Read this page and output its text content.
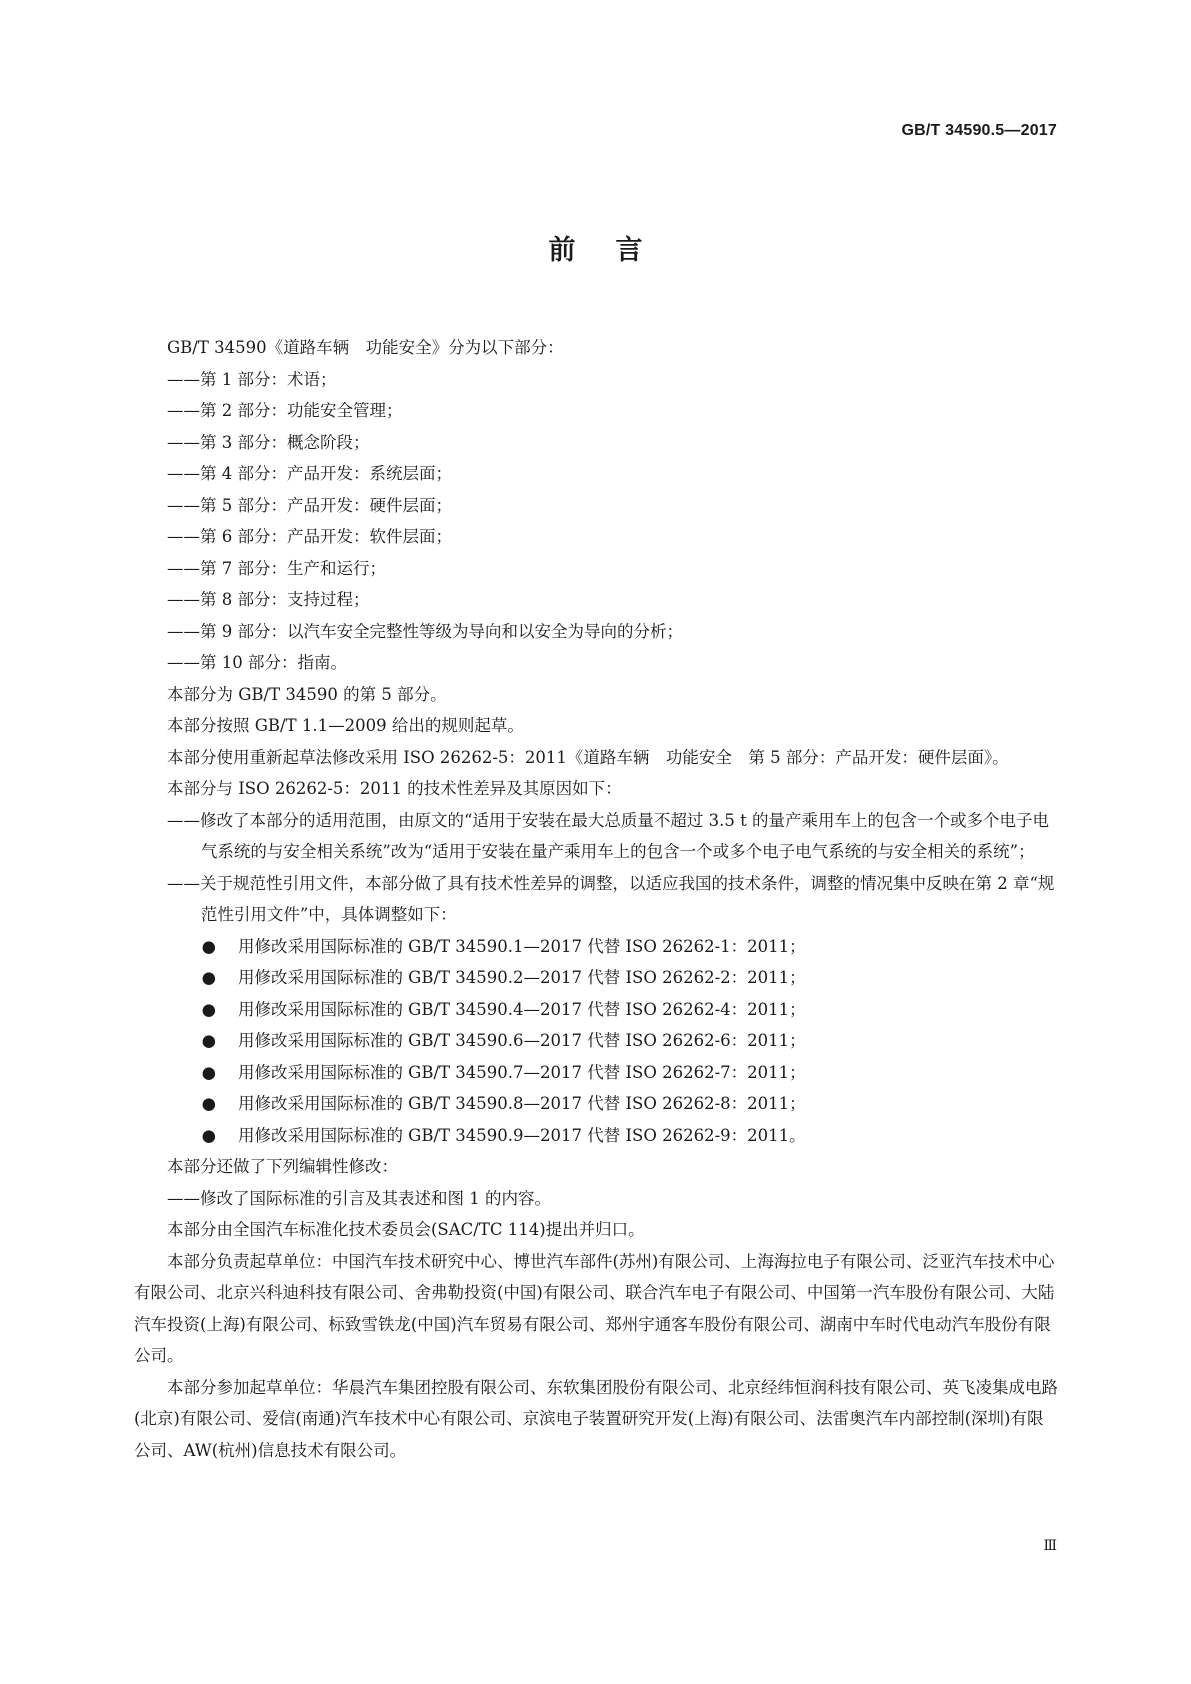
GB/T 34590.5—2017
前言

GB/T 34590《道路车辆　功能安全》分为以下部分：

——第 1 部分：术语；

——第 2 部分：功能安全管理；

——第 3 部分：概念阶段；

——第 4 部分：产品开发：系统层面；

——第 5 部分：产品开发：硬件层面；

——第 6 部分：产品开发：软件层面；

——第 7 部分：生产和运行；

——第 8 部分：支持过程；

——第 9 部分：以汽车安全完整性等级为导向和以安全为导向的分析；

——第 10 部分：指南。

本部分为 GB/T 34590 的第 5 部分。

本部分按照 GB/T 1.1—2009 给出的规则起草。

本部分使用重新起草法修改采用 ISO 26262-5：2011《道路车辆　功能安全　第 5 部分：产品开发：硬件层面》。

本部分与 ISO 26262-5：2011 的技术性差异及其原因如下：

——修改了本部分的适用范围，由原文的“适用于安装在最大总质量不超过 3.5 t 的量产乘用车上的包含一个或多个电子电气系统的与安全相关系统”改为“适用于安装在量产乘用车上的包含一个或多个电子电气系统的与安全相关的系统”；

——关于规范性引用文件，本部分做了具有技术性差异的调整，以适应我国的技术条件，调整的情况集中反映在第 2 章“规范性引用文件”中，具体调整如下：

● 用修改采用国际标准的 GB/T 34590.1—2017 代替 ISO 26262-1：2011；

● 用修改采用国际标准的 GB/T 34590.2—2017 代替 ISO 26262-2：2011；

● 用修改采用国际标准的 GB/T 34590.4—2017 代替 ISO 26262-4：2011；

● 用修改采用国际标准的 GB/T 34590.6—2017 代替 ISO 26262-6：2011；

● 用修改采用国际标准的 GB/T 34590.7—2017 代替 ISO 26262-7：2011；

● 用修改采用国际标准的 GB/T 34590.8—2017 代替 ISO 26262-8：2011；

● 用修改采用国际标准的 GB/T 34590.9—2017 代替 ISO 26262-9：2011。

本部分还做了下列编辑性修改：

——修改了国际标准的引言及其表述和图 1 的内容。

本部分由全国汽车标准化技术委员会(SAC/TC 114)提出并归口。

本部分负责起草单位：中国汽车技术研究中心、博世汽车部件(苏州)有限公司、上海海拉电子有限公司、泛亚汽车技术中心有限公司、北京兴科迪科技有限公司、舍弗勒投资(中国)有限公司、联合汽车电子有限公司、中国第一汽车股份有限公司、大陆汽车投资(上海)有限公司、标致雪铁龙(中国)汽车贸易有限公司、郑州宇通客车股份有限公司、湖南中车时代电动汽车股份有限公司。

本部分参加起草单位：华晨汽车集团控股有限公司、东软集团股份有限公司、北京经纬恒润科技有限公司、英飞凌集成电路(北京)有限公司、爱信(南通)汽车技术中心有限公司、京滨电子装置研究开发(上海)有限公司、法雷奥汽车内部控制(深圳)有限公司、AW(杭州)信息技术有限公司。

Ⅲ
